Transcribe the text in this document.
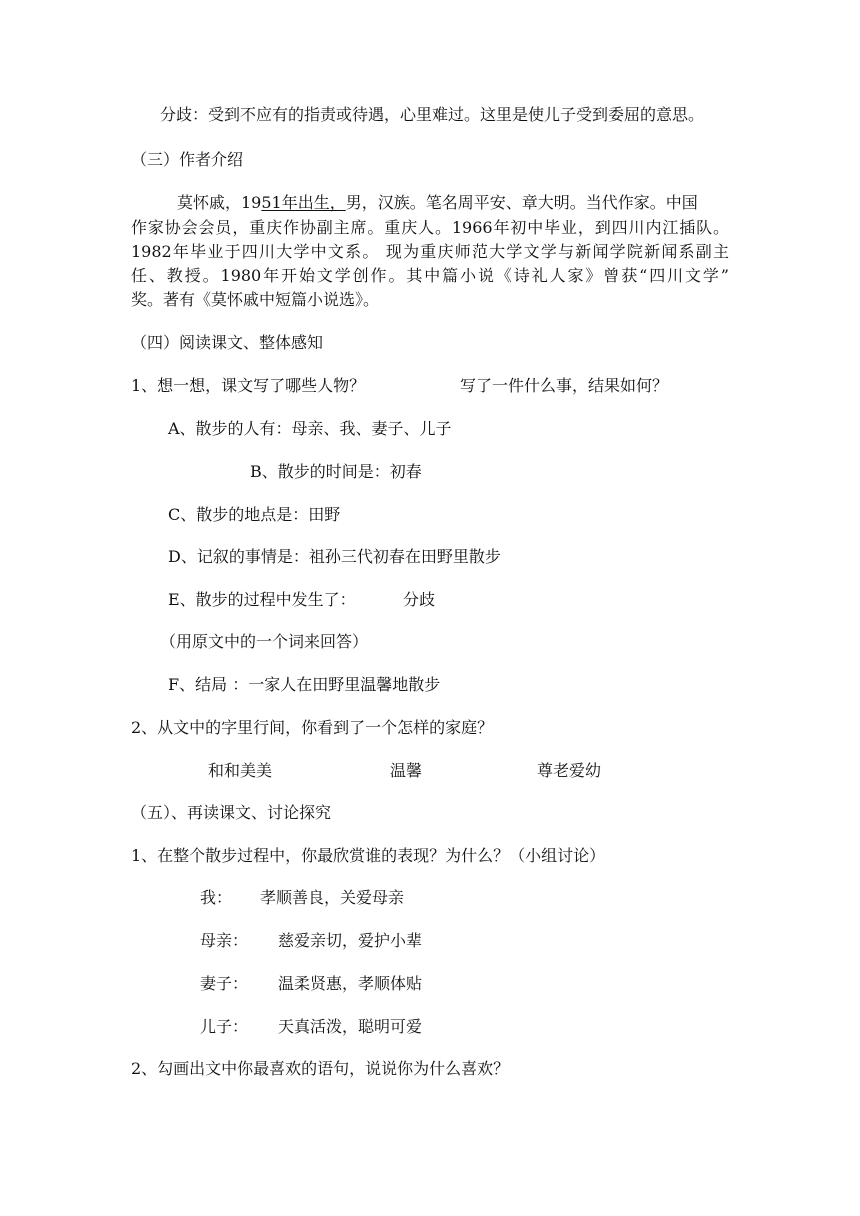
分歧：受到不应有的指责或待遇，心里难过。这里是使儿子受到委屈的意思。
（三）作者介绍
莫怀戚，1951年出生，男，汉族。笔名周平安、章大明。当代作家。中国
作家协会会员，重庆作协副主席。重庆人。1966年初中毕业，到四川内江插队。
1982年毕业于四川大学中文系。 现为重庆师范大学文学与新闻学院新闻系副主
任、教授。1980年开始文学创作。其中篇小说《诗礼人家》曾获“四川文学”
奖。著有《莫怀戚中短篇小说选》。
（四）阅读课文、整体感知
1、想一想，课文写了哪些人物？	写了一件什么事，结果如何？
A、散步的人有：母亲、我、妻子、儿子
B、散步的时间是：初春
C、散步的地点是：田野
D、记叙的事情是：祖孙三代初春在田野里散步
E、散步的过程中发生了：	分歧
（用原文中的一个词来回答）
F、结局 ：一家人在田野里温馨地散步
2、从文中的字里行间，你看到了一个怎样的家庭？
和和美美	温馨	尊老爱幼
（五）、再读课文、讨论探究
1、在整个散步过程中，你最欣赏谁的表现？为什么？（小组讨论）
我： 孝顺善良，关爱母亲
母亲： 慈爱亲切，爱护小辈
妻子： 温柔贤惠，孝顺体贴
儿子： 天真活泼，聪明可爱
2、勾画出文中你最喜欢的语句，说说你为什么喜欢？
